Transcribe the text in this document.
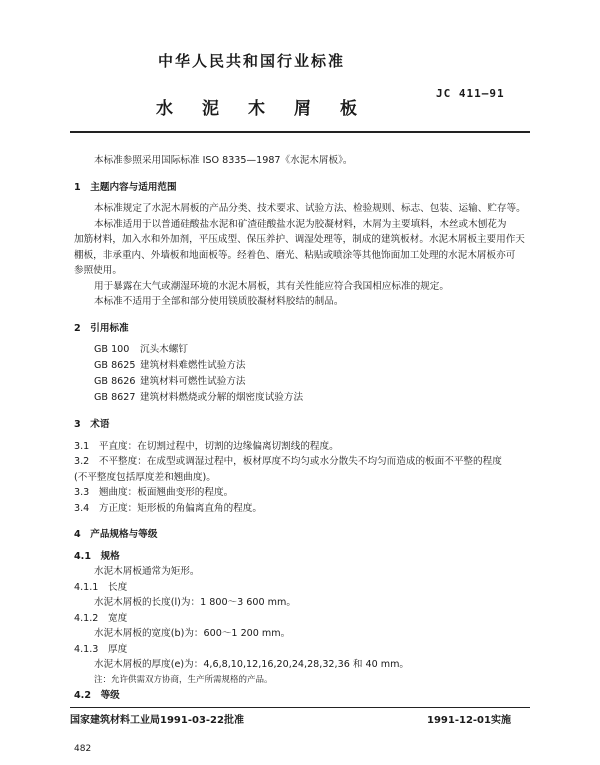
中华人民共和国行业标准
JC 411—91
水 泥 木 屑 板

本标准参照采用国际标准 ISO 8335—1987《水泥木屑板》。

1　主题内容与适用范围

本标准规定了水泥木屑板的产品分类、技术要求、试验方法、检验规则、标志、包装、运输、贮存等。

本标准适用于以普通硅酸盐水泥和矿渣硅酸盐水泥为胶凝材料，木屑为主要填料，木丝或木刨花为

加筋材料，加入水和外加剂，平压成型、保压养护、调湿处理等，制成的建筑板材。水泥木屑板主要用作天

棚板，非承重内、外墙板和地面板等。经着色、磨光、粘贴或喷涂等其他饰面加工处理的水泥木屑板亦可

参照使用。

用于暴露在大气或潮湿环境的水泥木屑板，其有关性能应符合我国相应标准的规定。

本标准不适用于全部和部分使用镁质胶凝材料胶结的制品。

2　引用标准

GB 100 沉头木螺钉

GB 8625 建筑材料难燃性试验方法

GB 8626 建筑材料可燃性试验方法

GB 8627 建筑材料燃烧或分解的烟密度试验方法

3　术语

3.1　平直度：在切割过程中，切割的边缘偏离切割线的程度。

3.2　不平整度：在成型或调湿过程中，板材厚度不均匀或水分散失不均匀而造成的板面不平整的程度

(不平整度包括厚度差和翘曲度)。

3.3　翘曲度：板面翘曲变形的程度。

3.4　方正度：矩形板的角偏离直角的程度。

4　产品规格与等级

4.1　规格

水泥木屑板通常为矩形。

4.1.1　长度

水泥木屑板的长度(l)为：1 800～3 600 mm。

4.1.2　宽度

水泥木屑板的宽度(b)为：600～1 200 mm。

4.1.3　厚度

水泥木屑板的厚度(e)为：4,6,8,10,12,16,20,24,28,32,36 和 40 mm。

注：允许供需双方协商，生产所需规格的产品。

4.2　等级

国家建筑材料工业局1991-03-22批准	1991-12-01实施
482
